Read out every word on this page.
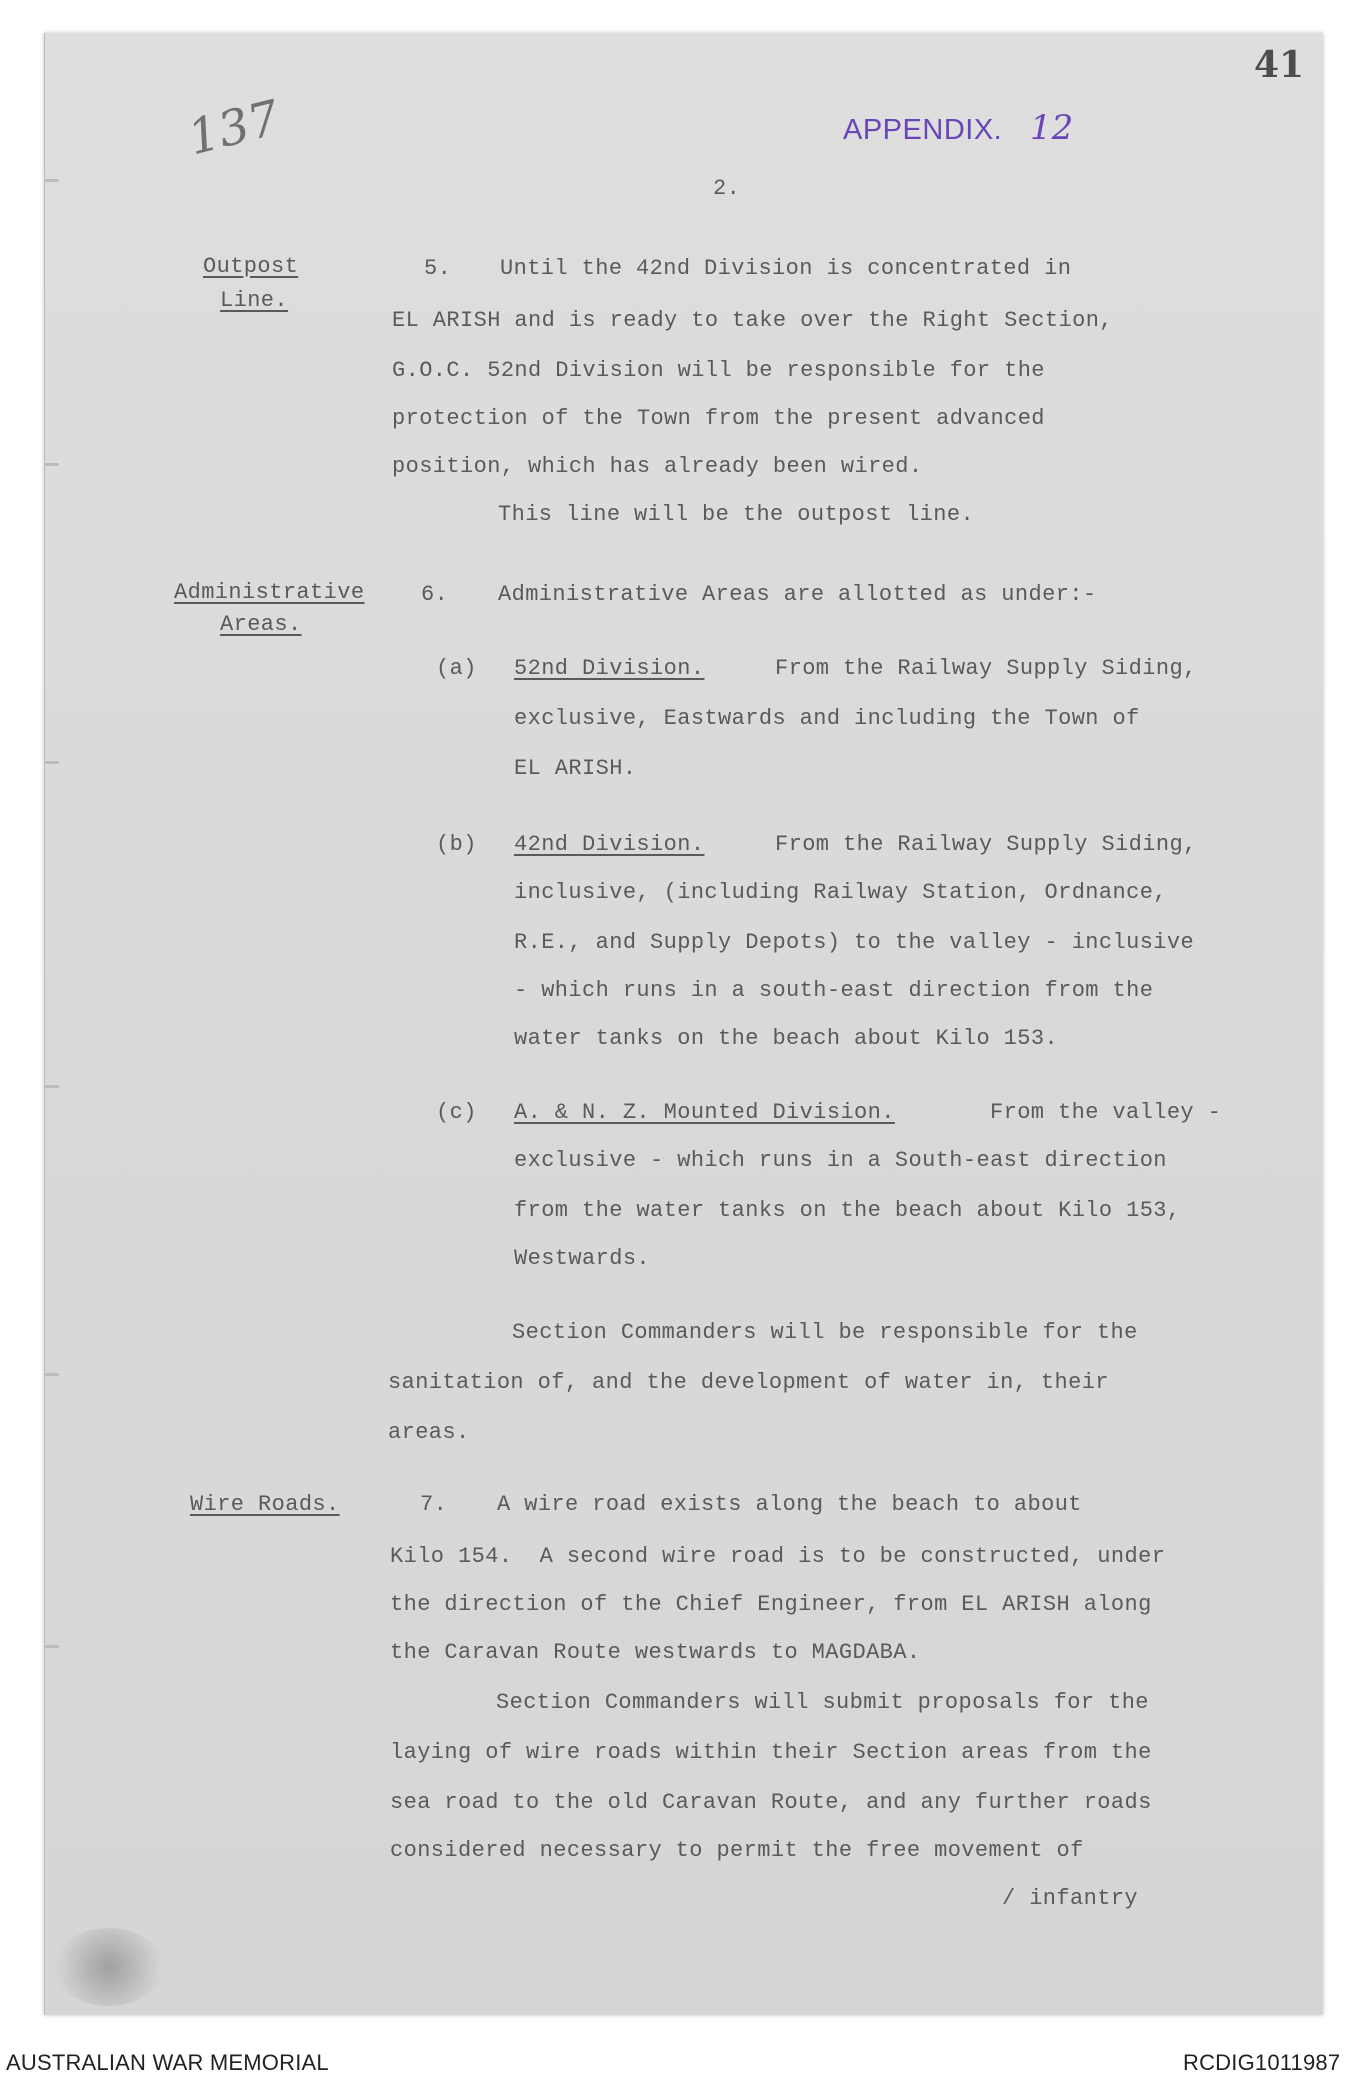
41
137	APPENDIX. 12
2.
Outpost
Line.
5. Until the 42nd Division is concentrated in
EL ARISH and is ready to take over the Right Section,
G.O.C. 52nd Division will be responsible for the
protection of the Town from the present advanced
position, which has already been wired.
This line will be the outpost line.
Administrative
Areas.
6. Administrative Areas are allotted as under:-
(a) 52nd Division.	From the Railway Supply Siding,
exclusive, Eastwards and including the Town of
EL ARISH.
(b) 42nd Division.	From the Railway Supply Siding,
inclusive, (including Railway Station, Ordnance,
R.E., and Supply Depots) to the valley - inclusive
- which runs in a south-east direction from the
water tanks on the beach about Kilo 153.
(c) A. & N. Z. Mounted Division.	From the valley -
exclusive - which runs in a South-east direction
from the water tanks on the beach about Kilo 153,
Westwards.
Section Commanders will be responsible for the
sanitation of, and the development of water in, their
areas.
Wire Roads.	7. A wire road exists along the beach to about
Kilo 154.  A second wire road is to be constructed, under
the direction of the Chief Engineer, from EL ARISH along
the Caravan Route westwards to MAGDABA.
Section Commanders will submit proposals for the
laying of wire roads within their Section areas from the
sea road to the old Caravan Route, and any further roads
considered necessary to permit the free movement of
/ infantry
AUSTRALIAN WAR MEMORIAL	RCDIG1011987
